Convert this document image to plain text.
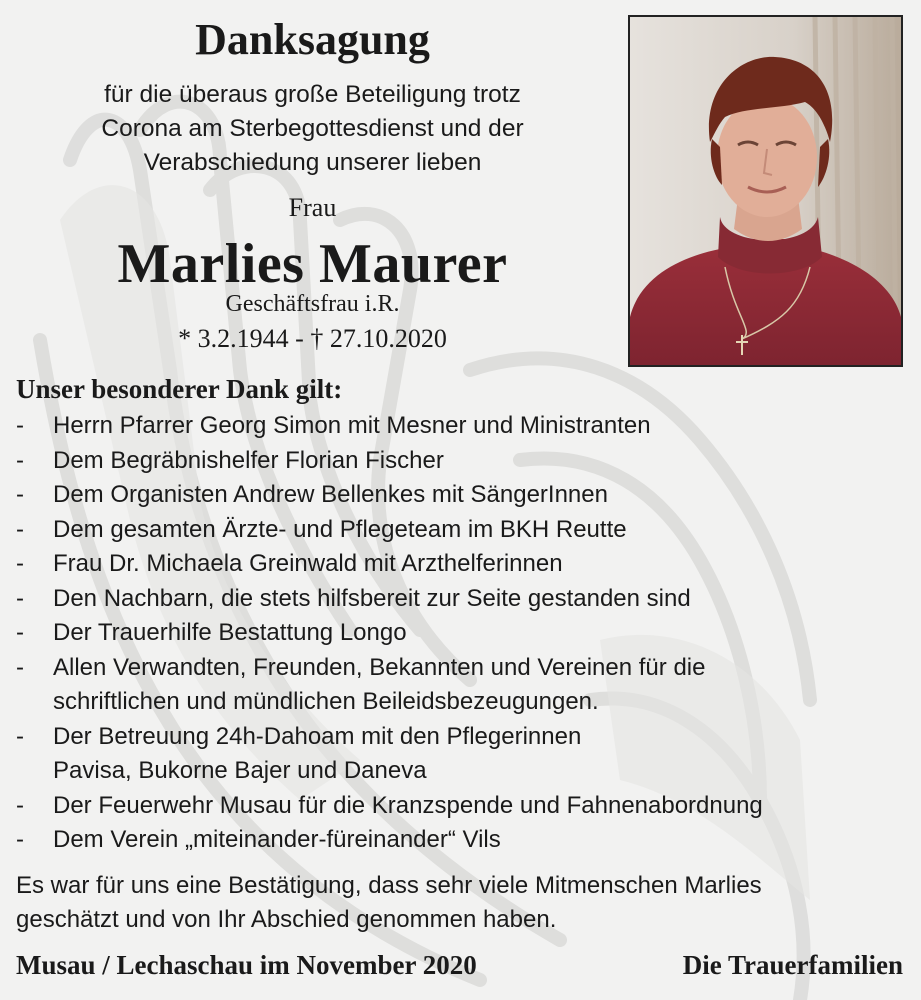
Danksagung
für die überaus große Beteiligung trotz
Corona am Sterbegottesdienst und der
Verabschiedung unserer lieben
Frau
Marlies Maurer
Geschäftsfrau i.R.
* 3.2.1944 - † 27.10.2020
Unser besonderer Dank gilt:
- Herrn Pfarrer Georg Simon mit Mesner und Ministranten
- Dem Begräbnishelfer Florian Fischer
- Dem Organisten Andrew Bellenkes mit SängerInnen
- Dem gesamten Ärzte- und Pflegeteam im BKH Reutte
- Frau Dr. Michaela Greinwald mit Arzthelferinnen
- Den Nachbarn, die stets hilfsbereit zur Seite gestanden sind
- Der Trauerhilfe Bestattung Longo
- Allen Verwandten, Freunden, Bekannten und Vereinen für die
schriftlichen und mündlichen Beileidsbezeugungen.
- Der Betreuung 24h-Dahoam mit den Pflegerinnen
Pavisa, Bukorne Bajer und Daneva
- Der Feuerwehr Musau für die Kranzspende und Fahnenabordnung
- Dem Verein „miteinander-füreinander“ Vils
Es war für uns eine Bestätigung, dass sehr viele Mitmenschen Marlies
geschätzt und von Ihr Abschied genommen haben.
Musau / Lechaschau im November 2020	Die Trauerfamilien
